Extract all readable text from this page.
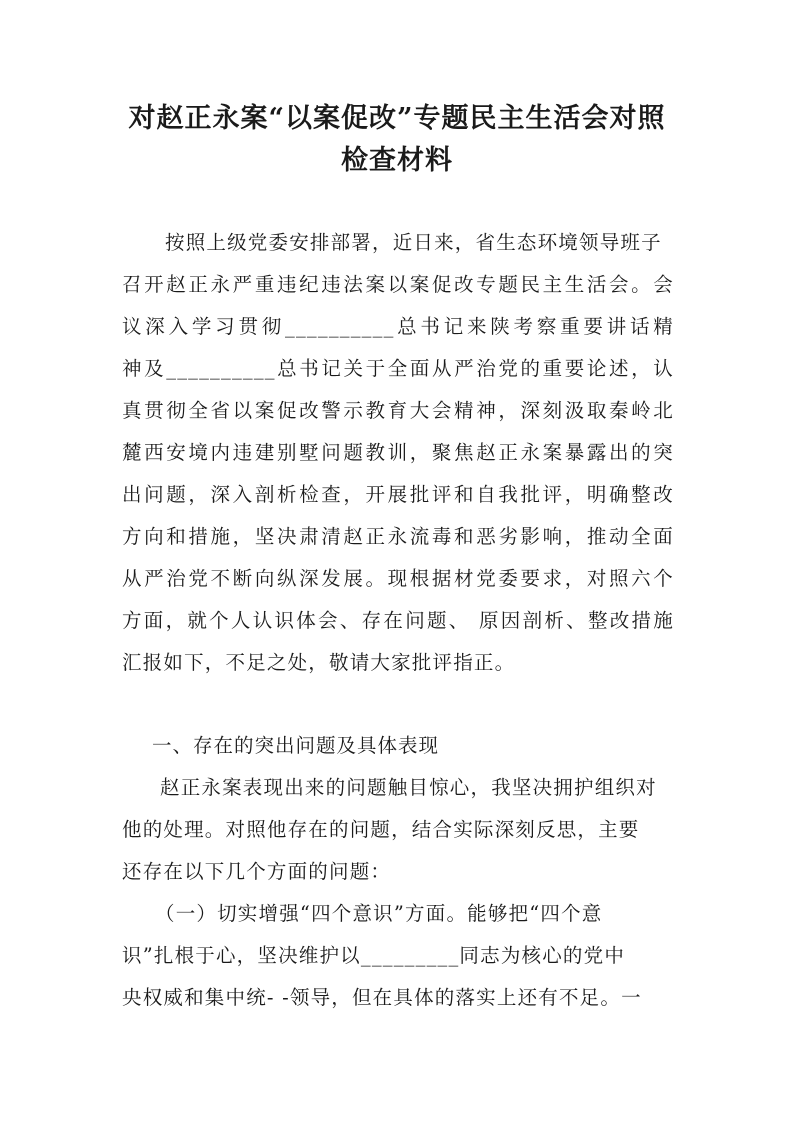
对赵正永案“以案促改”专题民主生活会对照
检查材料

按照上级党委安排部署，近日来，省生态环境领导班子

召开赵正永严重违纪违法案以案促改专题民主生活会。会

议深入学习贯彻__________总书记来陕考察重要讲话精

神及__________总书记关于全面从严治党的重要论述，认

真贯彻全省以案促改警示教育大会精神，深刻汲取秦岭北

麓西安境内违建别墅问题教训，聚焦赵正永案暴露出的突

出问题，深入剖析检查，开展批评和自我批评，明确整改

方向和措施，坚决肃清赵正永流毒和恶劣影响，推动全面

从严治党不断向纵深发展。现根据材党委要求，对照六个

方面，就个人认识体会、存在问题、 原因剖析、整改措施

汇报如下，不足之处，敬请大家批评指正。

一、存在的突出问题及具体表现

赵正永案表现出来的问题触目惊心，我坚决拥护组织对

他的处理。对照他存在的问题，结合实际深刻反思，主要

还存在以下几个方面的问题：

（一）切实增强“四个意识”方面。能够把“四个意

识”扎根于心，坚决维护以_________同志为核心的党中

央权威和集中统- -领导，但在具体的落实上还有不足。一
